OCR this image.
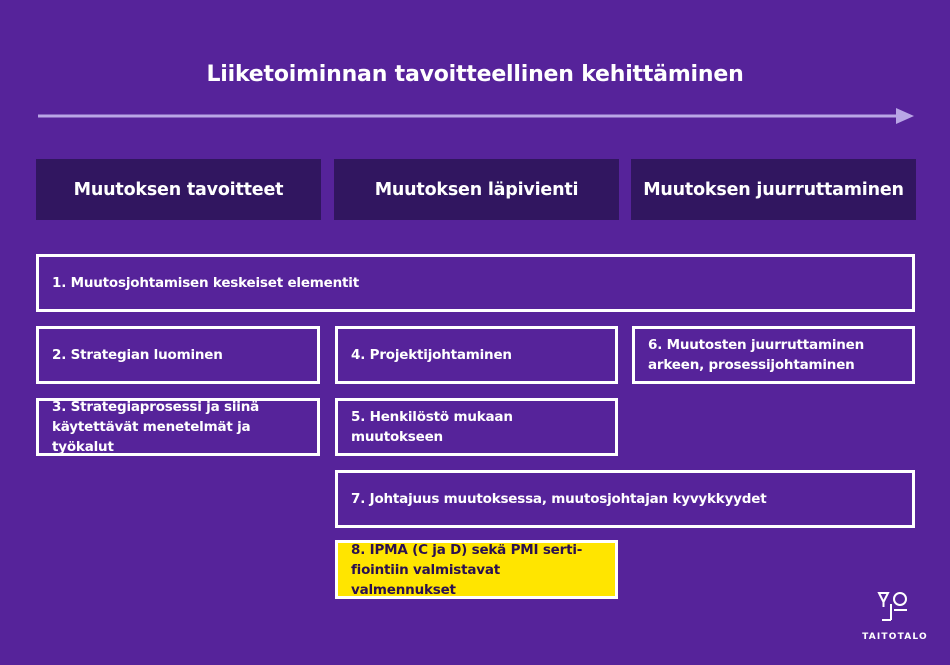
Liiketoiminnan tavoitteellinen kehittäminen
Muutoksen tavoitteet	Muutoksen läpivienti	Muutoksen juurruttaminen
1. Muutosjohtamisen keskeiset elementit
2. Strategian luominen
3. Strategiaprosessi ja siinä
käytettävät menetelmät ja työkalut
4. Projektijohtaminen
5. Henkilöstö mukaan muutokseen
6. Muutosten juurruttaminen
arkeen, prosessijohtaminen
7. Johtajuus muutoksessa, muutosjohtajan kyvykkyydet
8. IPMA (C ja D) sekä PMI serti-
fiointiin valmistavat valmennukset
TAITOTALO
